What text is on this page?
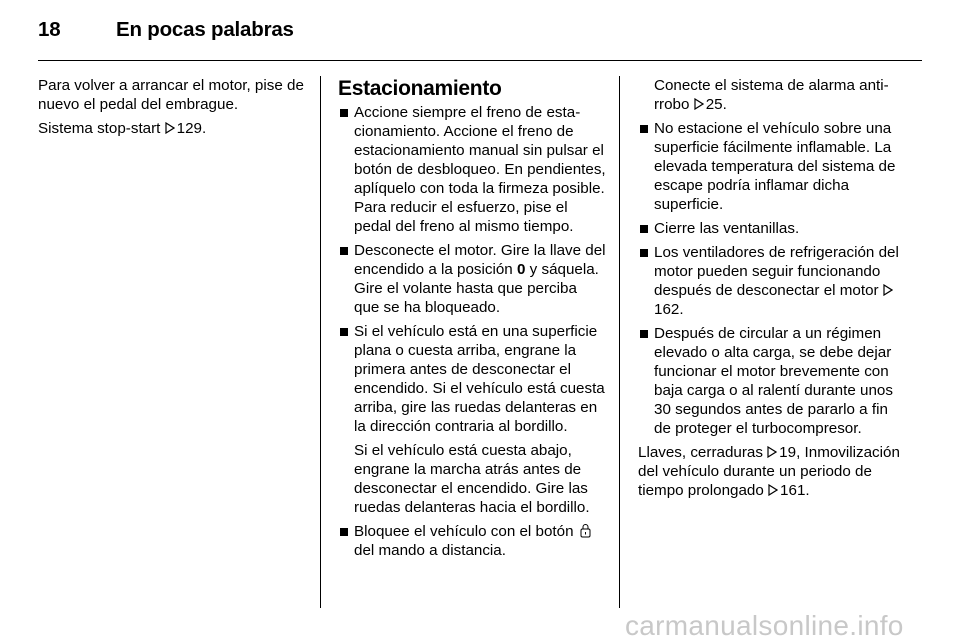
18	En pocas palabras

Para volver a arrancar el motor, pise de nuevo el pedal del embrague.

Sistema stop-start 129.

Estacionamiento
Accione siempre el freno de estacionamiento. Accione el freno de estacionamiento manual sin pulsar el botón de desbloqueo. En pendientes, aplíquelo con toda la firmeza posible. Para reducir el esfuerzo, pise el pedal del freno al mismo tiempo.
Desconecte el motor. Gire la llave del encendido a la posición 0 y sáquela. Gire el volante hasta que perciba que se ha bloqueado.
Si el vehículo está en una superficie plana o cuesta arriba, engrane la primera antes de desconectar el encendido. Si el vehículo está cuesta arriba, gire las ruedas delanteras en la dirección contraria al bordillo.

Si el vehículo está cuesta abajo, engrane la marcha atrás antes de desconectar el encendido. Gire las ruedas delanteras hacia el bordillo.

Bloquee el vehículo con el botón  del mando a distancia.

Conecte el sistema de alarma antirrobo 25.

No estacione el vehículo sobre una superficie fácilmente inflamable. La elevada temperatura del sistema de escape podría inflamar dicha superficie.
Cierre las ventanillas.
Los ventiladores de refrigeración del motor pueden seguir funcionando después de desconectar el motor 162.
Después de circular a un régimen elevado o alta carga, se debe dejar funcionar el motor brevemente con baja carga o al ralentí durante unos 30 segundos antes de pararlo a fin de proteger el turbocompresor.

Llaves, cerraduras 19, Inmovilización del vehículo durante un periodo de tiempo prolongado 161.

carmanualsonline.info
